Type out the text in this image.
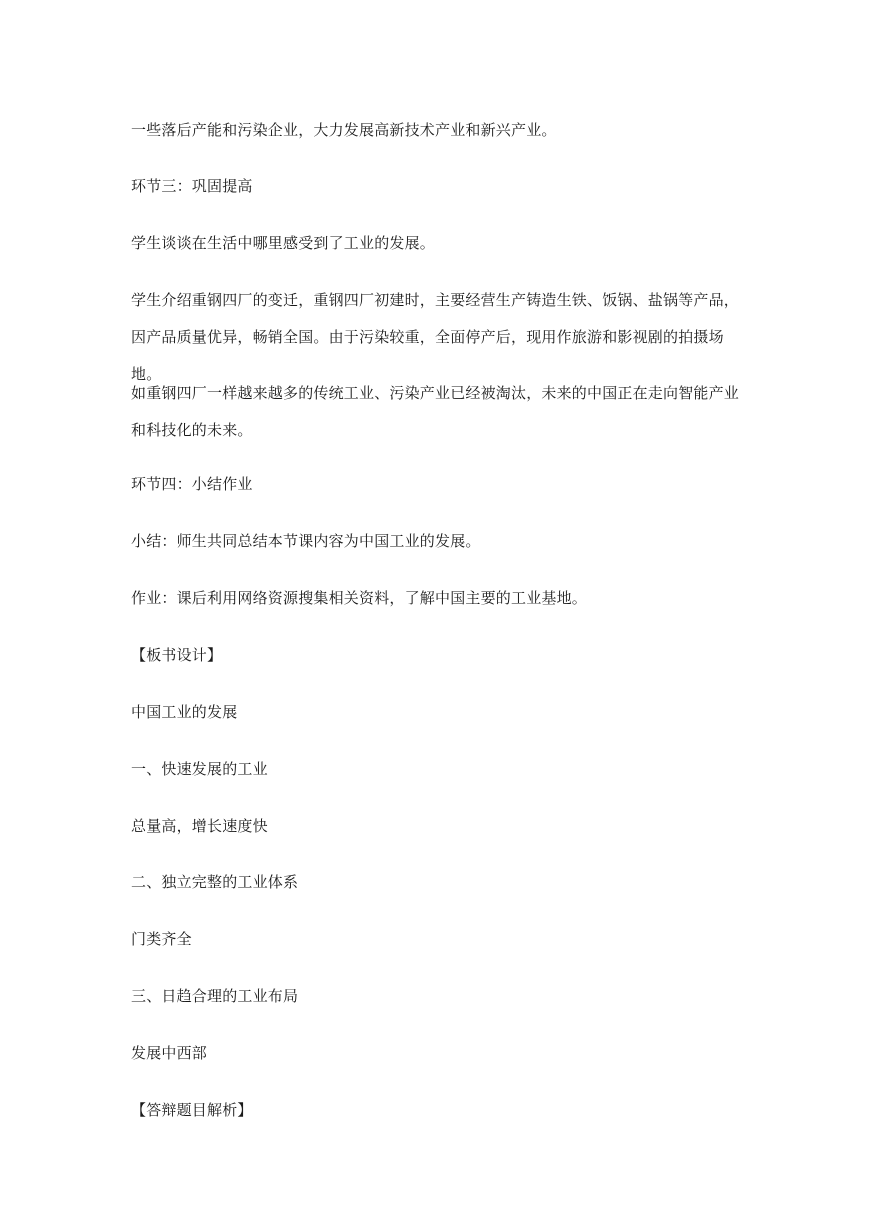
一些落后产能和污染企业，大力发展高新技术产业和新兴产业。

环节三：巩固提高

学生谈谈在生活中哪里感受到了工业的发展。

学生介绍重钢四厂的变迁，重钢四厂初建时，主要经营生产铸造生铁、饭锅、盐锅等产品，因产品质量优异，畅销全国。由于污染较重，全面停产后，现用作旅游和影视剧的拍摄场地。

如重钢四厂一样越来越多的传统工业、污染产业已经被淘汰，未来的中国正在走向智能产业和科技化的未来。

环节四：小结作业

小结：师生共同总结本节课内容为中国工业的发展。

作业：课后利用网络资源搜集相关资料，了解中国主要的工业基地。

【板书设计】

中国工业的发展

一、快速发展的工业

总量高，增长速度快

二、独立完整的工业体系

门类齐全

三、日趋合理的工业布局

发展中西部

【答辩题目解析】
